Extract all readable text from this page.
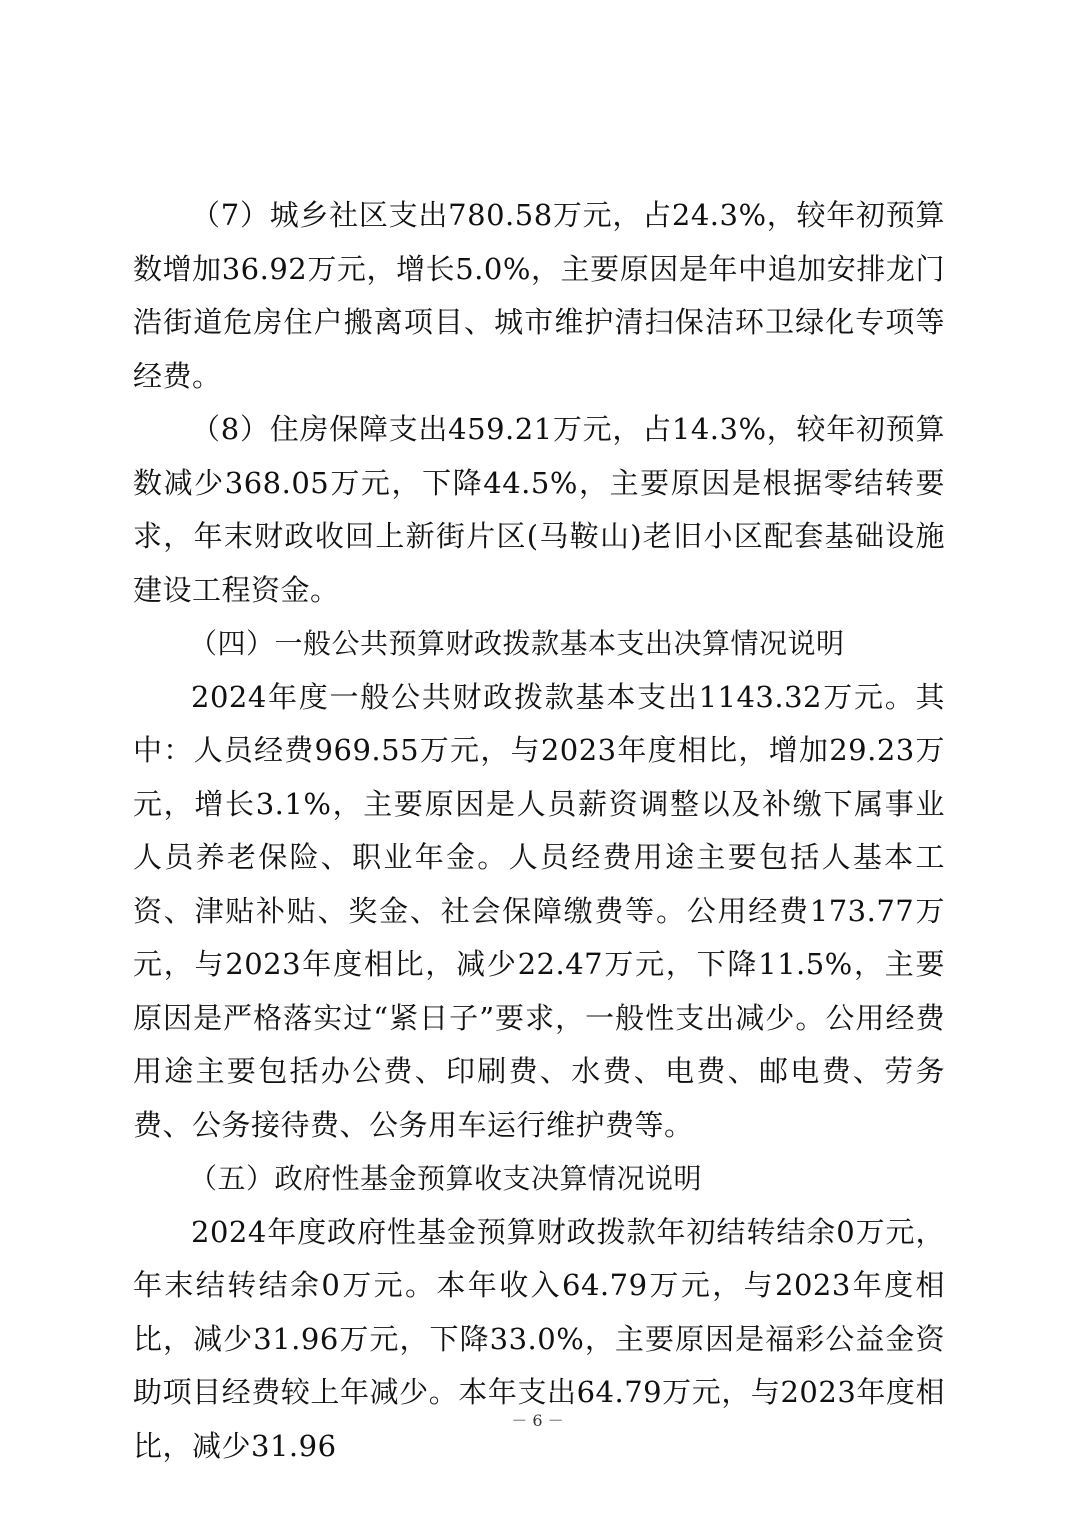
（7）城乡社区支出780.58万元，占24.3%，较年初预算数增加36.92万元，增长5.0%，主要原因是年中追加安排龙门浩街道危房住户搬离项目、城市维护清扫保洁环卫绿化专项等经费。

（8）住房保障支出459.21万元，占14.3%，较年初预算数减少368.05万元，下降44.5%，主要原因是根据零结转要求，年末财政收回上新街片区(马鞍山)老旧小区配套基础设施建设工程资金。

（四）一般公共预算财政拨款基本支出决算情况说明

2024年度一般公共财政拨款基本支出1143.32万元。其中：人员经费969.55万元，与2023年度相比，增加29.23万元，增长3.1%，主要原因是人员薪资调整以及补缴下属事业人员养老保险、职业年金。人员经费用途主要包括人基本工资、津贴补贴、奖金、社会保障缴费等。公用经费173.77万元，与2023年度相比，减少22.47万元，下降11.5%，主要原因是严格落实过“紧日子”要求，一般性支出减少。公用经费用途主要包括办公费、印刷费、水费、电费、邮电费、劳务费、公务接待费、公务用车运行维护费等。

（五）政府性基金预算收支决算情况说明

2024年度政府性基金预算财政拨款年初结转结余0万元，年末结转结余0万元。本年收入64.79万元，与2023年度相比，减少31.96万元，下降33.0%，主要原因是福彩公益金资助项目经费较上年减少。本年支出64.79万元，与2023年度相比，减少31.96

－ 6 －
